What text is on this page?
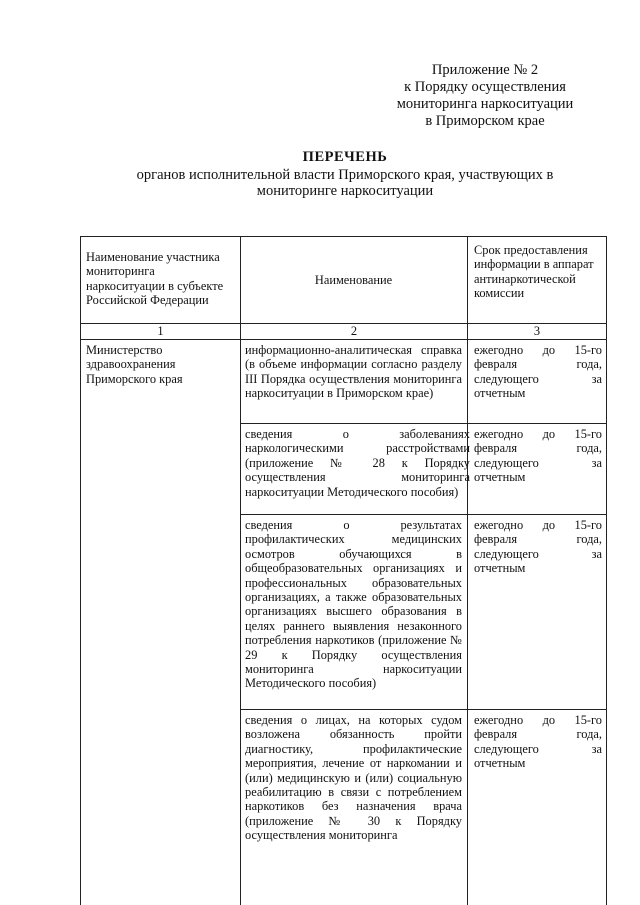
Приложение № 2
к Порядку осуществления
мониторинга наркоситуации
в Приморском крае
ПЕРЕЧЕНЬ
органов исполнительной власти Приморского края, участвующих в
мониторинге наркоситуации
Наименование участника мониторинга наркоситуации в субъекте Российской Федерации
Наименование
Срок предоставления информации в аппарат антинаркотической комиссии
1	2	3
Министерство здравоохранения Приморского края
информационно-аналитическая справка (в объеме информации согласно разделу III Порядка осуществления мониторинга наркоситуации в Приморском крае)
ежегодно до 15-го февраля года, следующего за отчетным
сведения о заболеваниях наркологическими расстройствами (приложение № 28 к Порядку осуществления мониторинга наркоситуации Методического пособия)
ежегодно до 15-го февраля года, следующего за отчетным
сведения о результатах профилактических медицинских осмотров обучающихся в общеобразовательных организациях и профессиональных образовательных организациях, а также образовательных организациях высшего образования в целях раннего выявления незаконного потребления наркотиков (приложение № 29 к Порядку осуществления мониторинга наркоситуации Методического пособия)
ежегодно до 15-го февраля года, следующего за отчетным
сведения о лицах, на которых судом возложена обязанность пройти диагностику, профилактические мероприятия, лечение от наркомании и (или) медицинскую и (или) социальную реабилитацию в связи с потреблением наркотиков без назначения врача (приложение № 30 к Порядку осуществления мониторинга
ежегодно до 15-го февраля года, следующего за отчетным
